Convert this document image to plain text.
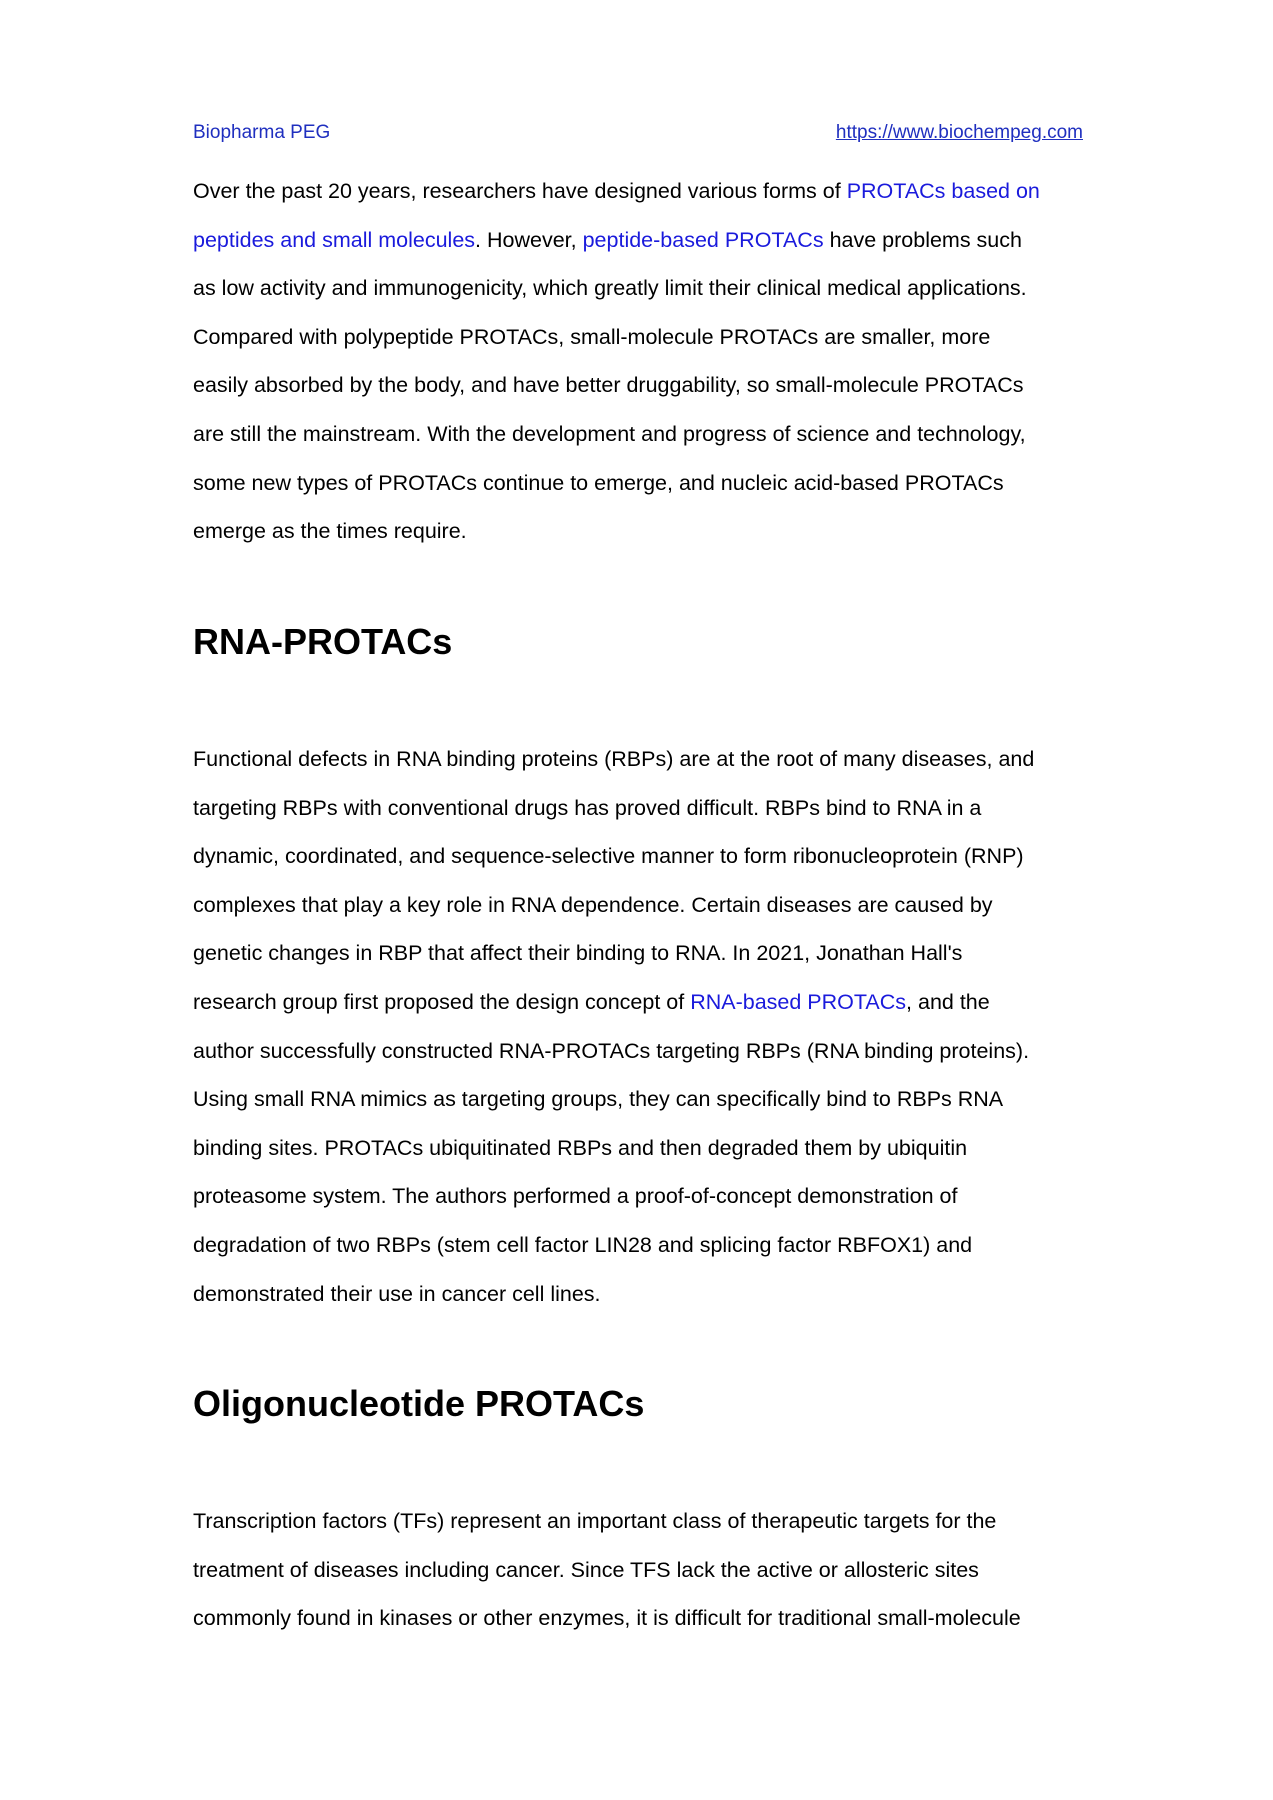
Biopharma PEG	https://www.biochempeg.com
Over the past 20 years, researchers have designed various forms of PROTACs based on
peptides and small molecules. However, peptide-based PROTACs have problems such
as low activity and immunogenicity, which greatly limit their clinical medical applications.
Compared with polypeptide PROTACs, small-molecule PROTACs are smaller, more
easily absorbed by the body, and have better druggability, so small-molecule PROTACs
are still the mainstream. With the development and progress of science and technology,
some new types of PROTACs continue to emerge, and nucleic acid-based PROTACs
emerge as the times require.
RNA-PROTACs
Functional defects in RNA binding proteins (RBPs) are at the root of many diseases, and
targeting RBPs with conventional drugs has proved difficult. RBPs bind to RNA in a
dynamic, coordinated, and sequence-selective manner to form ribonucleoprotein (RNP)
complexes that play a key role in RNA dependence. Certain diseases are caused by
genetic changes in RBP that affect their binding to RNA. In 2021, Jonathan Hall's
research group first proposed the design concept of RNA-based PROTACs, and the
author successfully constructed RNA-PROTACs targeting RBPs (RNA binding proteins).
Using small RNA mimics as targeting groups, they can specifically bind to RBPs RNA
binding sites. PROTACs ubiquitinated RBPs and then degraded them by ubiquitin
proteasome system. The authors performed a proof-of-concept demonstration of
degradation of two RBPs (stem cell factor LIN28 and splicing factor RBFOX1) and
demonstrated their use in cancer cell lines.
Oligonucleotide PROTACs
Transcription factors (TFs) represent an important class of therapeutic targets for the
treatment of diseases including cancer. Since TFS lack the active or allosteric sites
commonly found in kinases or other enzymes, it is difficult for traditional small-molecule
